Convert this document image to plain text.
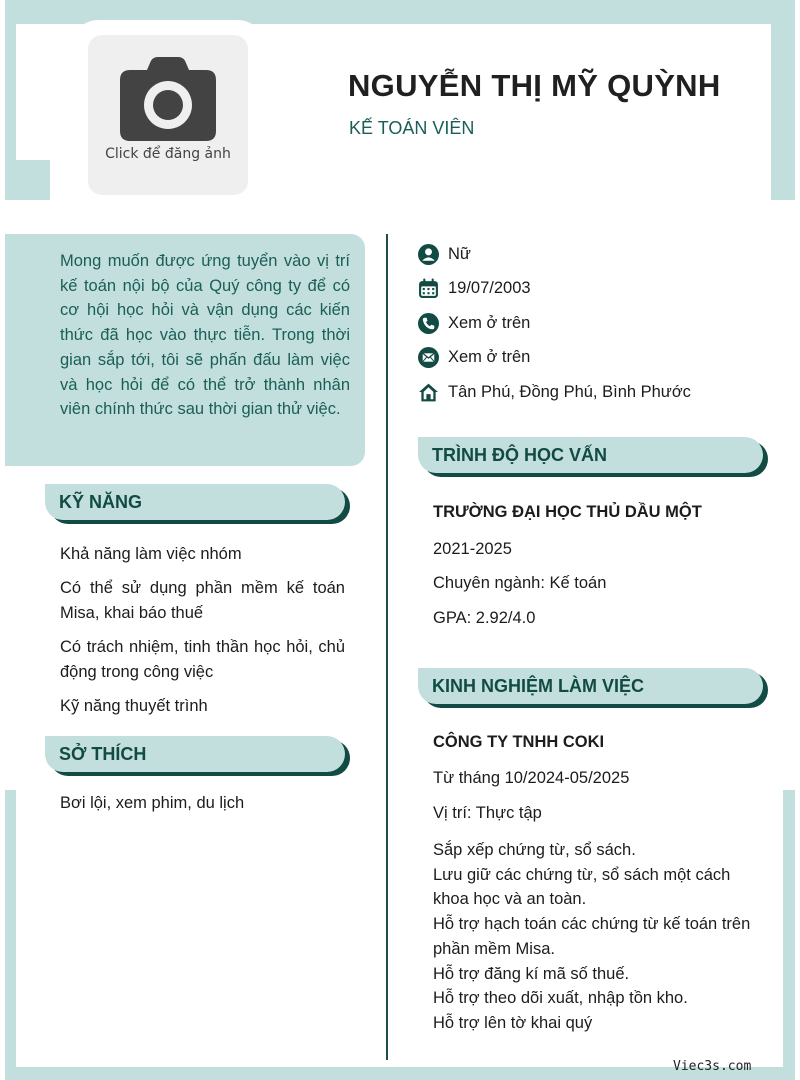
Click để đăng ảnh
NGUYỄN THỊ MỸ QUỲNH
KẾ TOÁN VIÊN
Mong muốn được ứng tuyển vào vị trí kế toán nội bộ của Quý công ty để có cơ hội học hỏi và vận dụng các kiến thức đã học vào thực tiễn. Trong thời gian sắp tới, tôi sẽ phấn đấu làm việc và học hỏi để có thể trở thành nhân viên chính thức sau thời gian thử việc.
KỸ NĂNG
Khả năng làm việc nhóm
Có thể sử dụng phần mềm kế toán Misa, khai báo thuế
Có trách nhiệm, tinh thần học hỏi, chủ động trong công việc
Kỹ năng thuyết trình
SỞ THÍCH
Bơi lội, xem phim, du lịch
Nữ
19/07/2003
Xem ở trên
Xem ở trên
Tân Phú, Đồng Phú, Bình Phước
TRÌNH ĐỘ HỌC VẤN
TRƯỜNG ĐẠI HỌC THỦ DẦU MỘT
2021-2025
Chuyên ngành: Kế toán
GPA: 2.92/4.0
KINH NGHIỆM LÀM VIỆC
CÔNG TY TNHH COKI
Từ tháng 10/2024-05/2025
Vị trí: Thực tập
Sắp xếp chứng từ, sổ sách.
Lưu giữ các chứng từ, sổ sách một cách khoa học và an toàn.
Hỗ trợ hạch toán các chứng từ kế toán trên phần mềm Misa.
Hỗ trợ đăng kí mã số thuế.
Hỗ trợ theo dõi xuất, nhập tồn kho.
Hỗ trợ lên tờ khai quý
Viec3s.com
